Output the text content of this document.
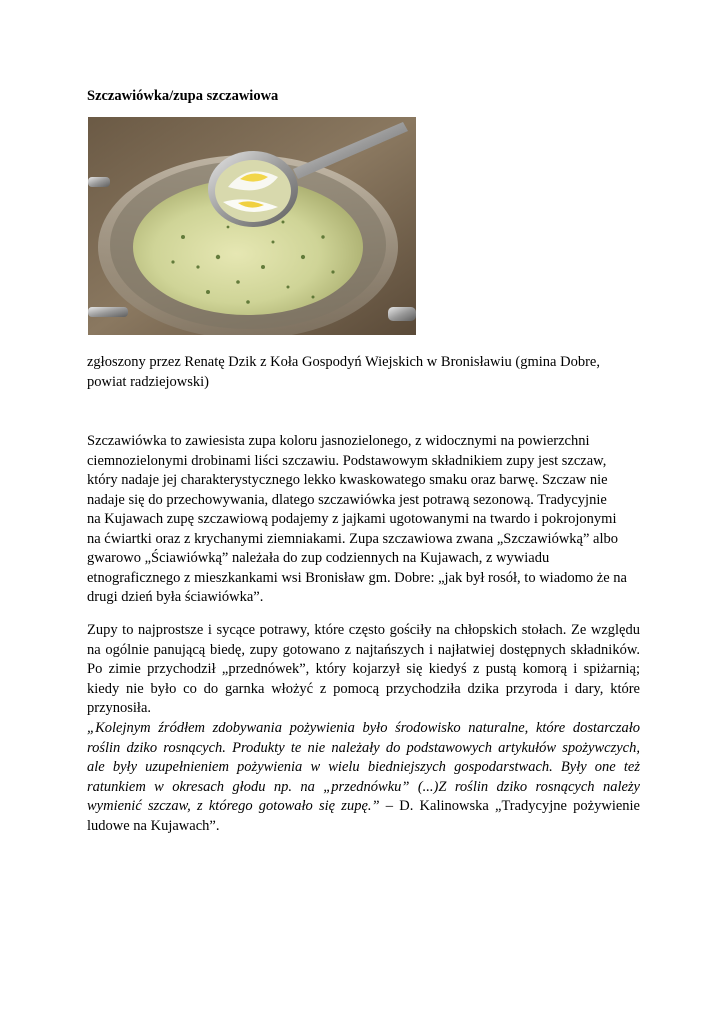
Szczawiówka/zupa szczawiowa

zgłoszony przez Renatę Dzik z Koła Gospodyń Wiejskich w Bronisławiu (gmina Dobre,
powiat radziejowski)

Szczawiówka to zawiesista zupa koloru jasnozielonego, z widocznymi na powierzchni
ciemnozielonymi drobinami liści szczawiu. Podstawowym składnikiem zupy jest szczaw,
który nadaje jej charakterystycznego lekko kwaskowatego smaku oraz barwę. Szczaw nie
nadaje się do przechowywania, dlatego szczawiówka jest potrawą sezonową. Tradycyjnie
na Kujawach zupę szczawiową podajemy z jajkami ugotowanymi na twardo i pokrojonymi
na ćwiartki oraz z krychanymi ziemniakami. Zupa szczawiowa zwana „Szczawiówką” albo
gwarowo „Ściawiówką” należała do zup codziennych na Kujawach, z wywiadu
etnograficznego z mieszkankami wsi Bronisław gm. Dobre: „jak był rosół, to wiadomo że na
drugi dzień była ściawiówka”.

Zupy to najprostsze i sycące potrawy, które często gościły na chłopskich stołach. Ze względu
na ogólnie panującą biedę, zupy gotowano z najtańszych i najłatwiej dostępnych składników.
Po zimie przychodził „przednówek”, który kojarzył się kiedyś z pustą komorą i spiżarnią;
kiedy nie było co do garnka włożyć z pomocą przychodziła dzika przyroda i dary, które
przynosiła.

„Kolejnym źródłem zdobywania pożywienia było środowisko naturalne, które dostarczało
roślin dziko rosnących. Produkty te nie należały do podstawowych artykułów spożywczych,
ale były uzupełnieniem pożywienia w wielu biedniejszych gospodarstwach. Były one też
ratunkiem w okresach głodu np. na „przednówku” (...)Z roślin dziko rosnących należy
wymienić szczaw, z którego gotowało się zupę.” – D. Kalinowska „Tradycyjne pożywienie
ludowe na Kujawach”.
